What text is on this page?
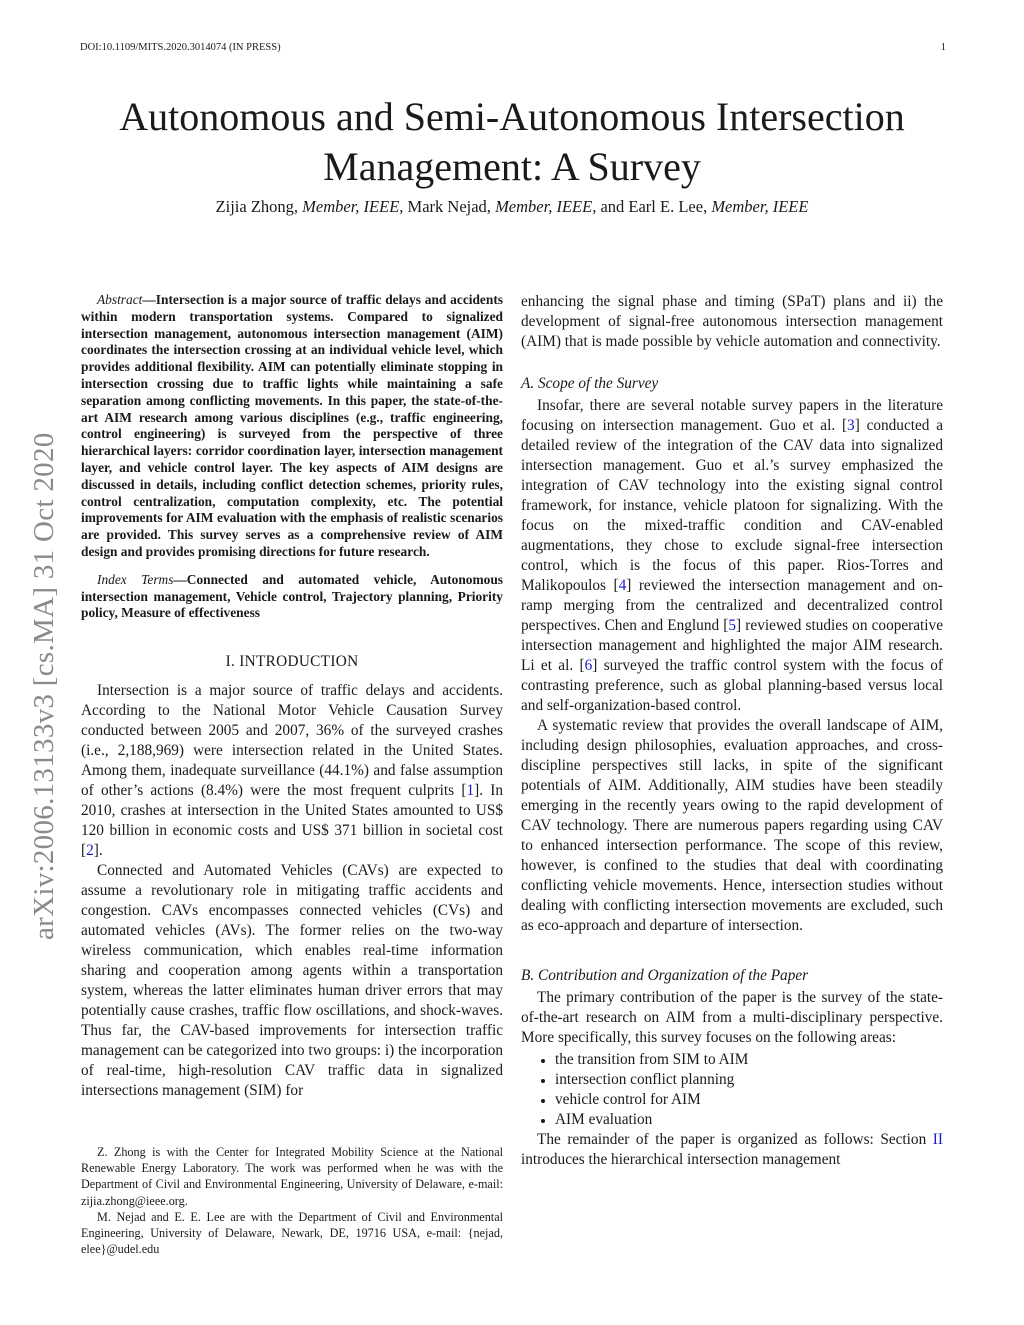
DOI:10.1109/MITS.2020.3014074 (IN PRESS)	1
arXiv:2006.13133v3 [cs.MA] 31 Oct 2020
Autonomous and Semi-Autonomous Intersection
Management: A Survey
Zijia Zhong, Member, IEEE, Mark Nejad, Member, IEEE, and Earl E. Lee, Member, IEEE

Abstract—Intersection is a major source of traffic delays and accidents within modern transportation systems. Compared to signalized intersection management, autonomous intersection management (AIM) coordinates the intersection crossing at an individual vehicle level, which provides additional flexibility. AIM can potentially eliminate stopping in intersection crossing due to traffic lights while maintaining a safe separation among conflicting movements. In this paper, the state-of-the-art AIM research among various disciplines (e.g., traffic engineering, control engineering) is surveyed from the perspective of three hierarchical layers: corridor coordination layer, intersection management layer, and vehicle control layer. The key aspects of AIM designs are discussed in details, including conflict detection schemes, priority rules, control centralization, computation complexity, etc. The potential improvements for AIM evaluation with the emphasis of realistic scenarios are provided. This survey serves as a comprehensive review of AIM design and provides promising directions for future research.

Index Terms—Connected and automated vehicle, Autonomous intersection management, Vehicle control, Trajectory planning, Priority policy, Measure of effectiveness

I. INTRODUCTION

Intersection is a major source of traffic delays and accidents. According to the National Motor Vehicle Causation Survey conducted between 2005 and 2007, 36% of the surveyed crashes (i.e., 2,188,969) were intersection related in the United States. Among them, inadequate surveillance (44.1%) and false assumption of other’s actions (8.4%) were the most frequent culprits [1]. In 2010, crashes at intersection in the United States amounted to US$ 120 billion in economic costs and US$ 371 billion in societal cost [2].

Connected and Automated Vehicles (CAVs) are expected to assume a revolutionary role in mitigating traffic accidents and congestion. CAVs encompasses connected vehicles (CVs) and automated vehicles (AVs). The former relies on the two-way wireless communication, which enables real-time information sharing and cooperation among agents within a transportation system, whereas the latter eliminates human driver errors that may potentially cause crashes, traffic flow oscillations, and shock-waves. Thus far, the CAV-based improvements for intersection traffic management can be categorized into two groups: i) the incorporation of real-time, high-resolution CAV traffic data in signalized intersections management (SIM) for

Z. Zhong is with the Center for Integrated Mobility Science at the National Renewable Energy Laboratory. The work was performed when he was with the Department of Civil and Environmental Engineering, University of Delaware, e-mail: zijia.zhong@ieee.org.

M. Nejad and E. E. Lee are with the Department of Civil and Environmental Engineering, University of Delaware, Newark, DE, 19716 USA, e-mail: {nejad, elee}@udel.edu

enhancing the signal phase and timing (SPaT) plans and ii) the development of signal-free autonomous intersection management (AIM) that is made possible by vehicle automation and connectivity.

A. Scope of the Survey

Insofar, there are several notable survey papers in the literature focusing on intersection management. Guo et al. [3] conducted a detailed review of the integration of the CAV data into signalized intersection management. Guo et al.’s survey emphasized the integration of CAV technology into the existing signal control framework, for instance, vehicle platoon for signalizing. With the focus on the mixed-traffic condition and CAV-enabled augmentations, they chose to exclude signal-free intersection control, which is the focus of this paper. Rios-Torres and Malikopoulos [4] reviewed the intersection management and on-ramp merging from the centralized and decentralized control perspectives. Chen and Englund [5] reviewed studies on cooperative intersection management and highlighted the major AIM research. Li et al. [6] surveyed the traffic control system with the focus of contrasting preference, such as global planning-based versus local and self-organization-based control.

A systematic review that provides the overall landscape of AIM, including design philosophies, evaluation approaches, and cross-discipline perspectives still lacks, in spite of the significant potentials of AIM. Additionally, AIM studies have been steadily emerging in the recently years owing to the rapid development of CAV technology. There are numerous papers regarding using CAV to enhanced intersection performance. The scope of this review, however, is confined to the studies that deal with coordinating conflicting vehicle movements. Hence, intersection studies without dealing with conflicting intersection movements are excluded, such as eco-approach and departure of intersection.

B. Contribution and Organization of the Paper

The primary contribution of the paper is the survey of the state-of-the-art research on AIM from a multi-disciplinary perspective. More specifically, this survey focuses on the following areas:

the transition from SIM to AIM
intersection conflict planning
vehicle control for AIM
AIM evaluation

The remainder of the paper is organized as follows: Section II introduces the hierarchical intersection management
